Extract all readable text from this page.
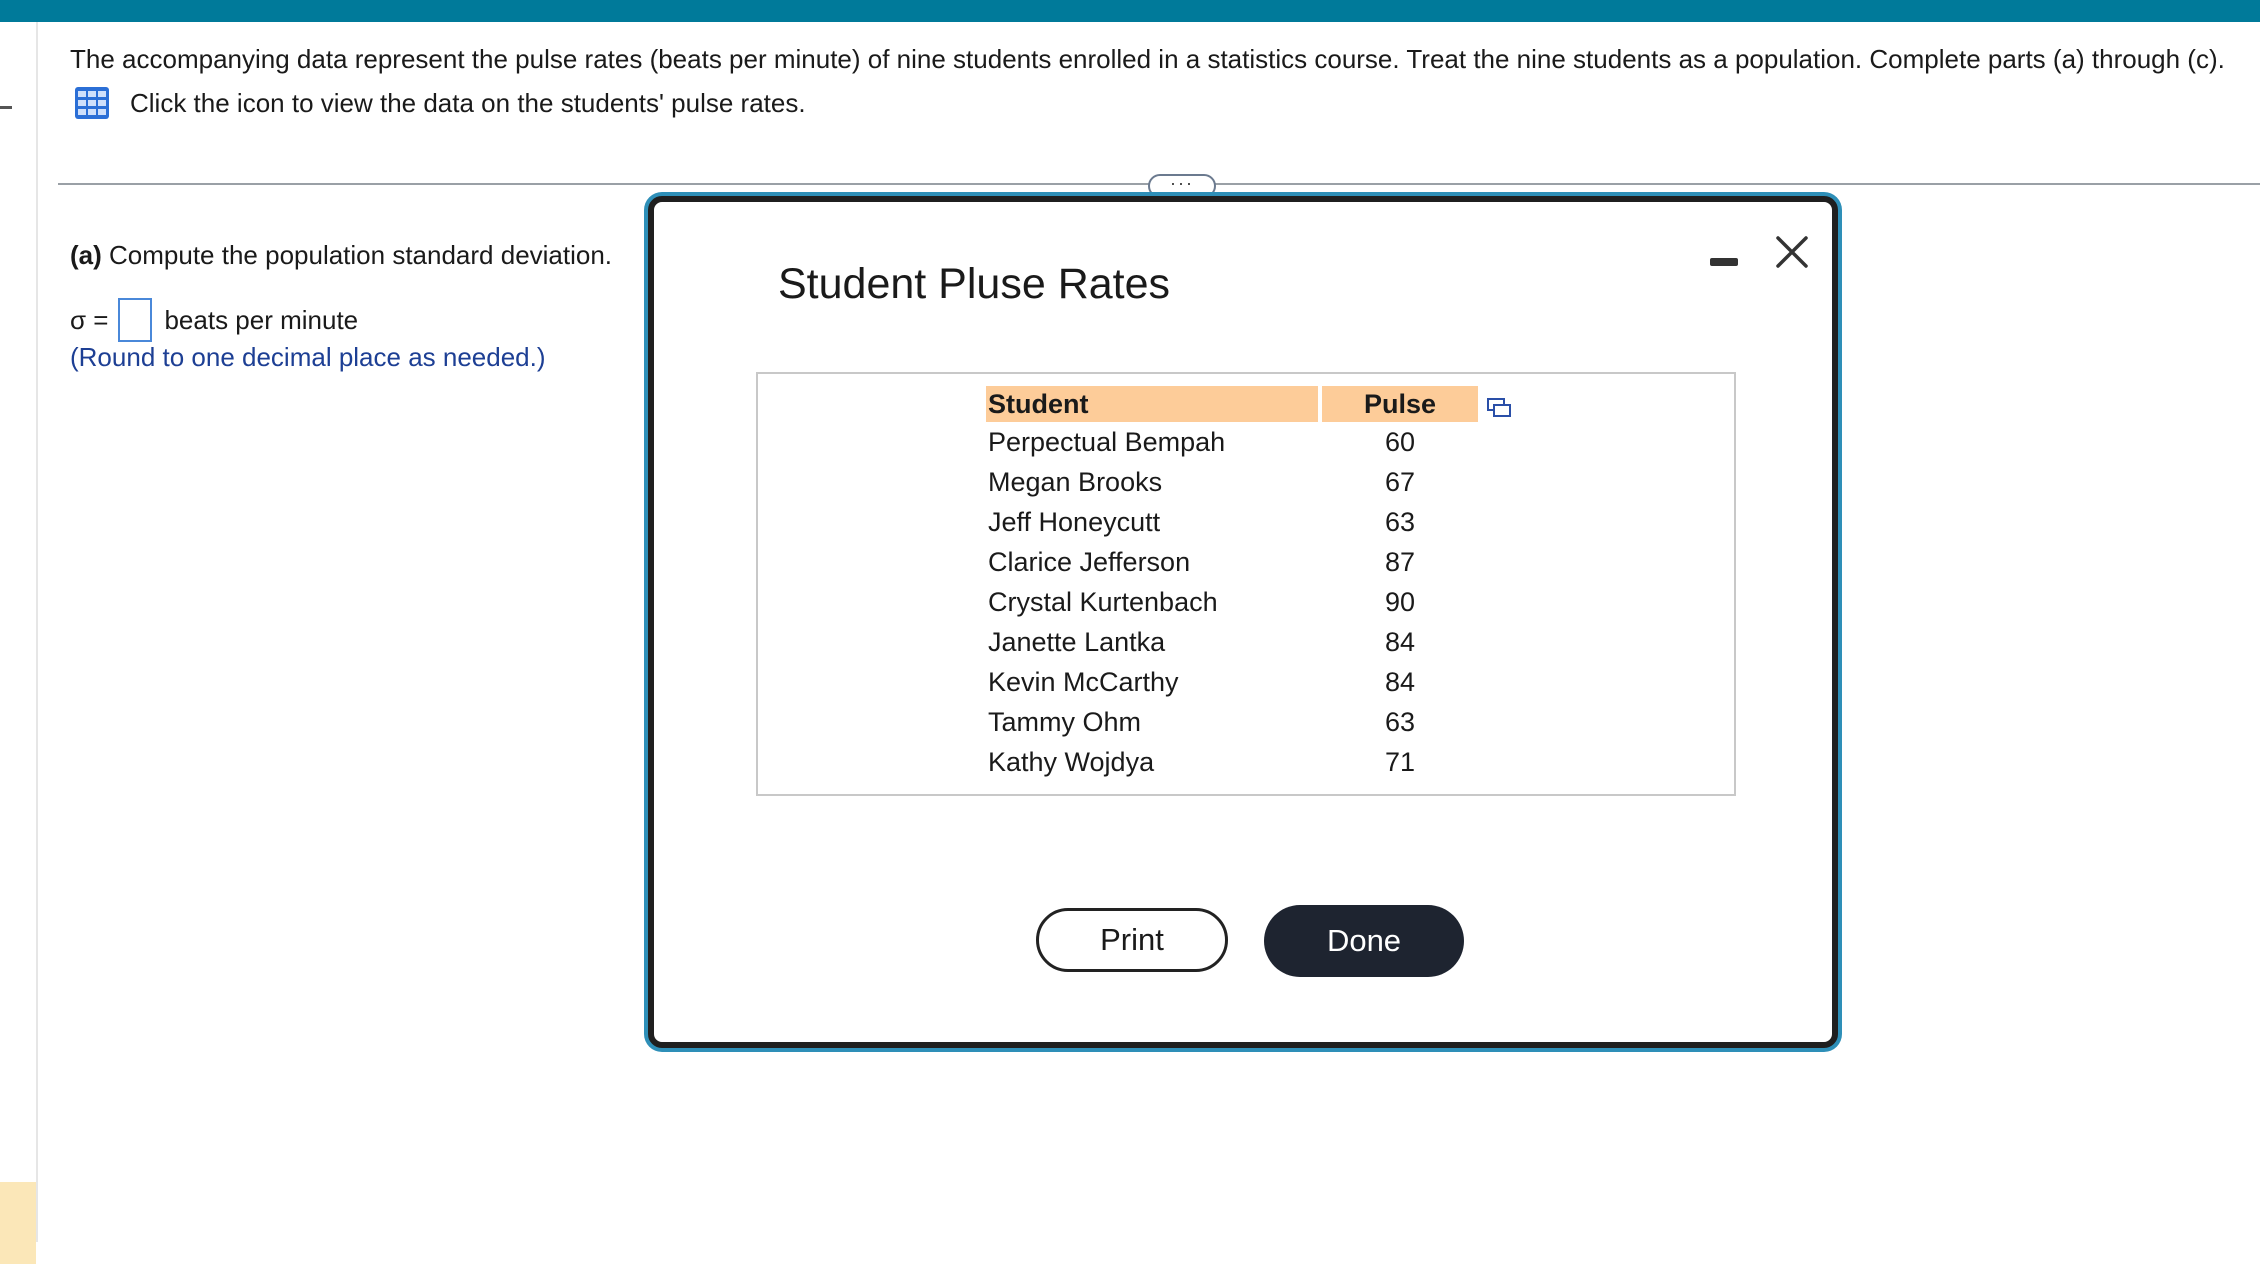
The accompanying data represent the pulse rates (beats per minute) of nine students enrolled in a statistics course. Treat the nine students as a population. Complete parts (a) through (c).
Click the icon to view the data on the students' pulse rates.
···
(a) Compute the population standard deviation.
σ = beats per minute
(Round to one decimal place as needed.)
Student Pluse Rates
Student	Pulse
Perpectual Bempah	60
Megan Brooks	67
Jeff Honeycutt	63
Clarice Jefferson	87
Crystal Kurtenbach	90
Janette Lantka	84
Kevin McCarthy	84
Tammy Ohm	63
Kathy Wojdya	71
Print	Done
